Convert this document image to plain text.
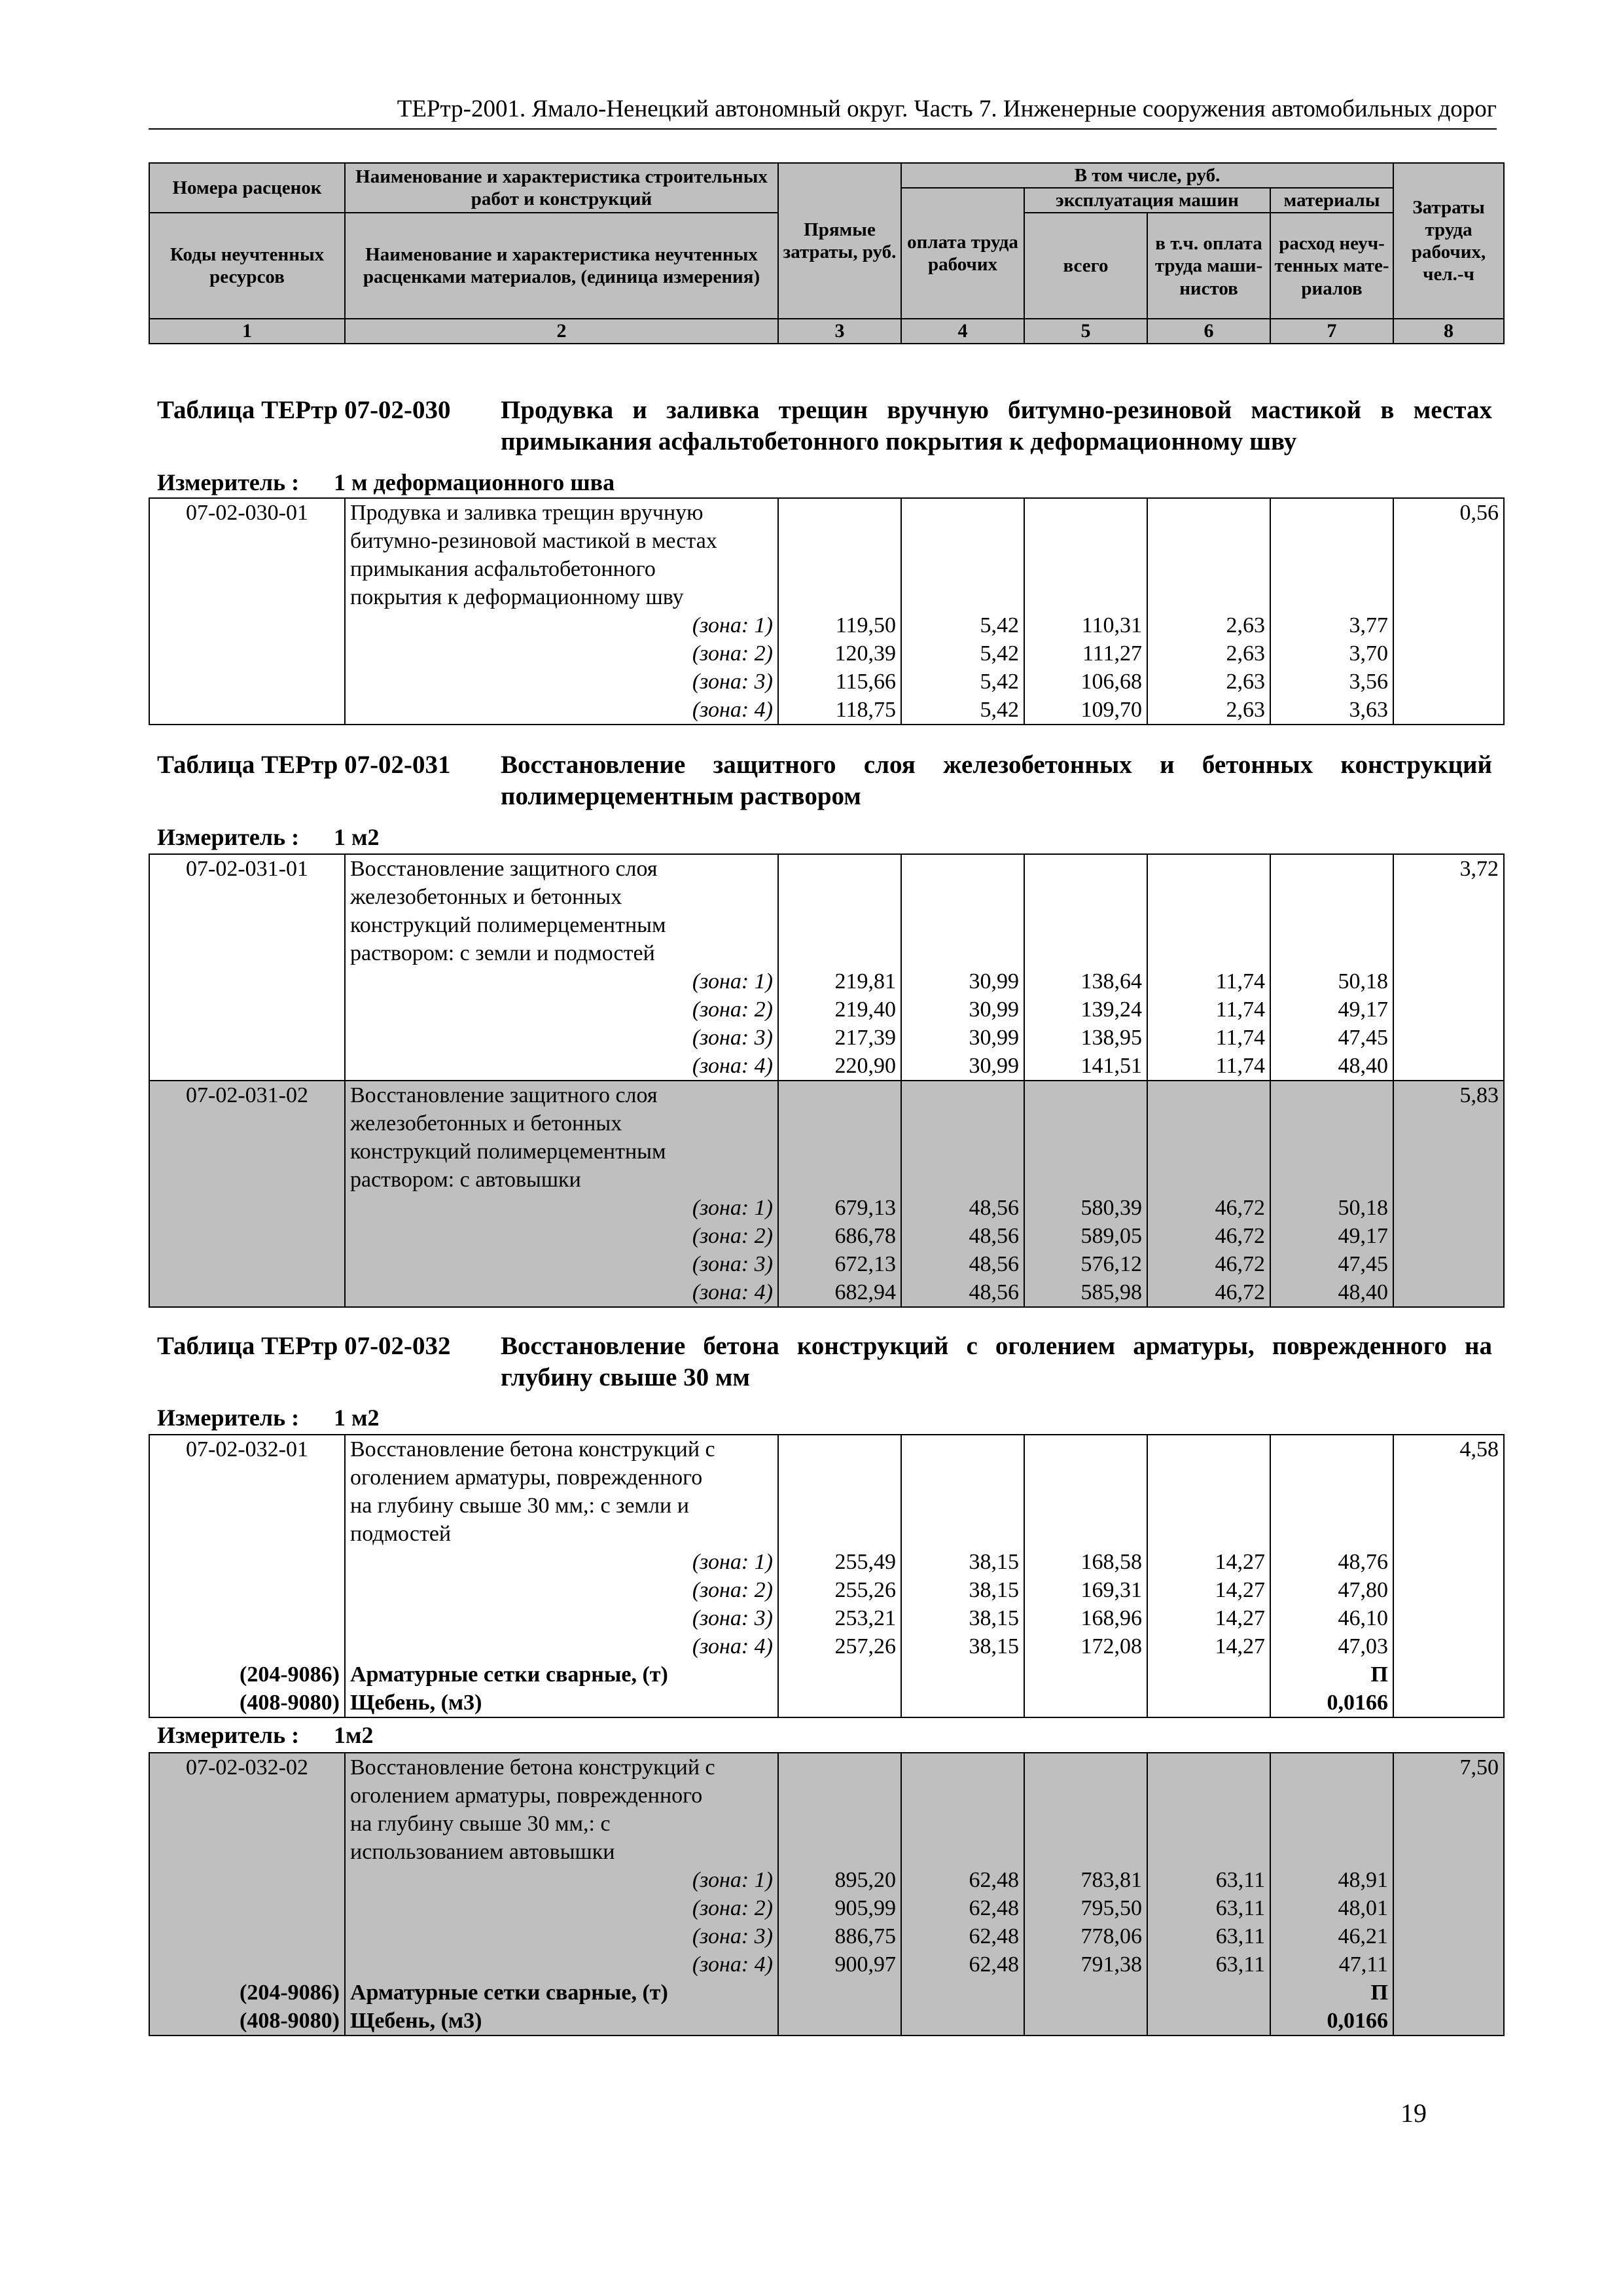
ТЕРтр-2001. Ямало-Ненецкий автономный округ. Часть 7. Инженерные сооружения автомобильных дорог
Номера расценок	Наименование и характеристика строительных работ и конструкций	Прямые затраты, руб.	В том числе, руб.				Затраты труда рабочих, чел.-ч
			оплата труда рабочих	эксплуатация машин		материалы	
Коды неучтенных ресурсов	Наименование и характеристика неучтенных расценками материалов, (единица измерения)			всего	в т.ч. оплата труда маши-нистов	расход неуч-тенных мате-риалов	

1	2	3	4	5	6	7	8
Таблица ТЕРтр 07-02-030	Продувка и заливка трещин вручную битумно-резиновой мастикой в местах примыкания асфальтобетонного покрытия к деформационному шву
Измеритель : 1 м деформационного шва
07-02-030-01	Продувка и заливка трещин вручную						0,56
	битумно-резиновой мастикой в местах						
	примыкания асфальтобетонного						
	покрытия к деформационному шву						
	(зона: 1)	119,50	5,42	110,31	2,63	3,77	
	(зона: 2)	120,39	5,42	111,27	2,63	3,70	
	(зона: 3)	115,66	5,42	106,68	2,63	3,56	
	(зона: 4)	118,75	5,42	109,70	2,63	3,63	
Таблица ТЕРтр 07-02-031	Восстановление защитного слоя железобетонных и бетонных конструкций полимерцементным раствором
Измеритель : 1 м2
07-02-031-01	Восстановление защитного слоя						3,72
	железобетонных и бетонных						
	конструкций полимерцементным						
	раствором: с земли и подмостей						
	(зона: 1)	219,81	30,99	138,64	11,74	50,18	
	(зона: 2)	219,40	30,99	139,24	11,74	49,17	
	(зона: 3)	217,39	30,99	138,95	11,74	47,45	
	(зона: 4)	220,90	30,99	141,51	11,74	48,40	
07-02-031-02	Восстановление защитного слоя						5,83
	железобетонных и бетонных						
	конструкций полимерцементным						
	раствором: с автовышки						
	(зона: 1)	679,13	48,56	580,39	46,72	50,18	
	(зона: 2)	686,78	48,56	589,05	46,72	49,17	
	(зона: 3)	672,13	48,56	576,12	46,72	47,45	
	(зона: 4)	682,94	48,56	585,98	46,72	48,40	
Таблица ТЕРтр 07-02-032	Восстановление бетона конструкций с оголением арматуры, поврежденного на глубину свыше 30 мм
Измеритель : 1 м2
07-02-032-01	Восстановление бетона конструкций с						4,58
	оголением арматуры, поврежденного						
	на глубину свыше 30 мм,: с земли и						
	подмостей						
	(зона: 1)	255,49	38,15	168,58	14,27	48,76	
	(зона: 2)	255,26	38,15	169,31	14,27	47,80	
	(зона: 3)	253,21	38,15	168,96	14,27	46,10	
	(зона: 4)	257,26	38,15	172,08	14,27	47,03	
(204-9086)	Арматурные сетки сварные, (т)					П	
(408-9080)	Щебень, (м3)					0,0166	
Измеритель : 1м2
07-02-032-02	Восстановление бетона конструкций с						7,50
	оголением арматуры, поврежденного						
	на глубину свыше 30 мм,: с						
	использованием автовышки						
	(зона: 1)	895,20	62,48	783,81	63,11	48,91	
	(зона: 2)	905,99	62,48	795,50	63,11	48,01	
	(зона: 3)	886,75	62,48	778,06	63,11	46,21	
	(зона: 4)	900,97	62,48	791,38	63,11	47,11	
(204-9086)	Арматурные сетки сварные, (т)					П	
(408-9080)	Щебень, (м3)					0,0166	
19
